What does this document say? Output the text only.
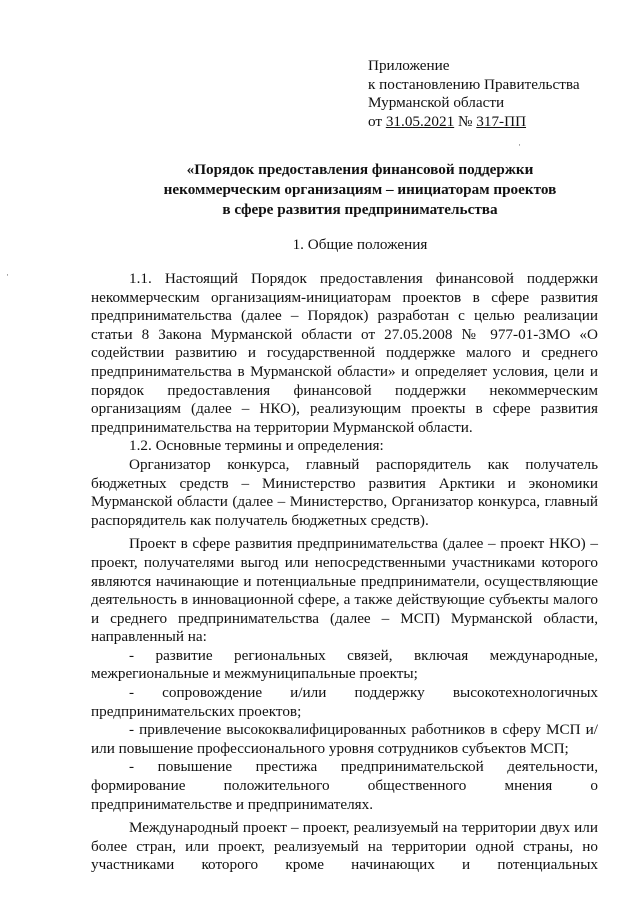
Приложение
к постановлению Правительства
Мурманской области
от 31.05.2021 № 317-ПП
«Порядок предоставления финансовой поддержки
некоммерческим организациям – инициаторам проектов
в сфере развития предпринимательства
1. Общие положения

1.1. Настоящий Порядок предоставления финансовой поддержки некоммерческим организациям-инициаторам проектов в сфере развития предпринимательства (далее – Порядок) разработан с целью реализации статьи 8 Закона Мурманской области от 27.05.2008 № 977-01-ЗМО «О содействии развитию и государственной поддержке малого и среднего предпринимательства в Мурманской области» и определяет условия, цели и порядок предоставления финансовой поддержки некоммерческим организациям (далее – НКО), реализующим проекты в сфере развития предпринимательства на территории Мурманской области.

1.2. Основные термины и определения:

Организатор конкурса, главный распорядитель как получатель бюджетных средств – Министерство развития Арктики и экономики Мурманской области (далее – Министерство, Организатор конкурса, главный распорядитель как получатель бюджетных средств).

Проект в сфере развития предпринимательства (далее – проект НКО) – проект, получателями выгод или непосредственными участниками которого являются начинающие и потенциальные предприниматели, осуществляющие деятельность в инновационной сфере, а также действующие субъекты малого и среднего предпринимательства (далее – МСП) Мурманской области, направленный на:

- развитие региональных связей, включая международные, межрегиональные и межмуниципальные проекты;

- сопровождение и/или поддержку высокотехнологичных предпринимательских проектов;

- привлечение высококвалифицированных работников в сферу МСП и/или повышение профессионального уровня сотрудников субъектов МСП;

- повышение престижа предпринимательской деятельности, формирование положительного общественного мнения о предпринимательстве и предпринимателях.

Международный проект – проект, реализуемый на территории двух или более стран, или проект, реализуемый на территории одной страны, но участниками которого кроме начинающих и потенциальных

·
·
